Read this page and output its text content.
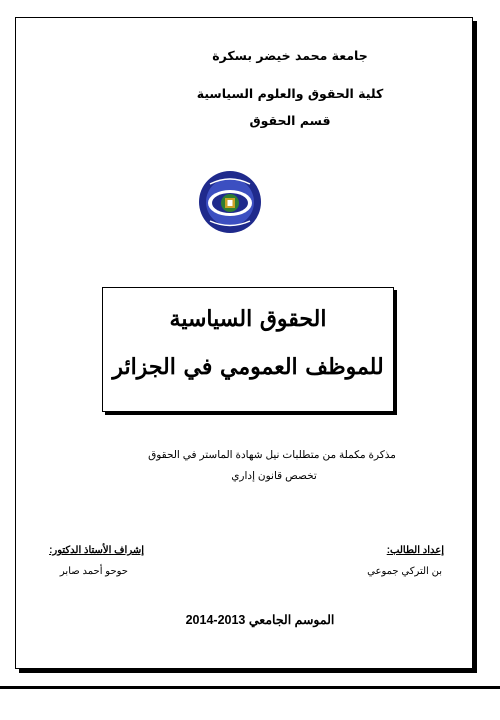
جامعة محمد خيضر بسكرة
كلية الحقوق والعلوم السياسية
قسم الحقوق
الحقوق السياسية
للموظف العمومي في الجزائر
مذكرة مكملة من متطلبات نيل شهادة الماستر في الحقوق
تخصص قانون إداري
إشراف الأستاذ الدكتور:
حوحو أحمد صابر
إعداد الطالب:
بن التركي جموعي
الموسم الجامعي 2013-2014
